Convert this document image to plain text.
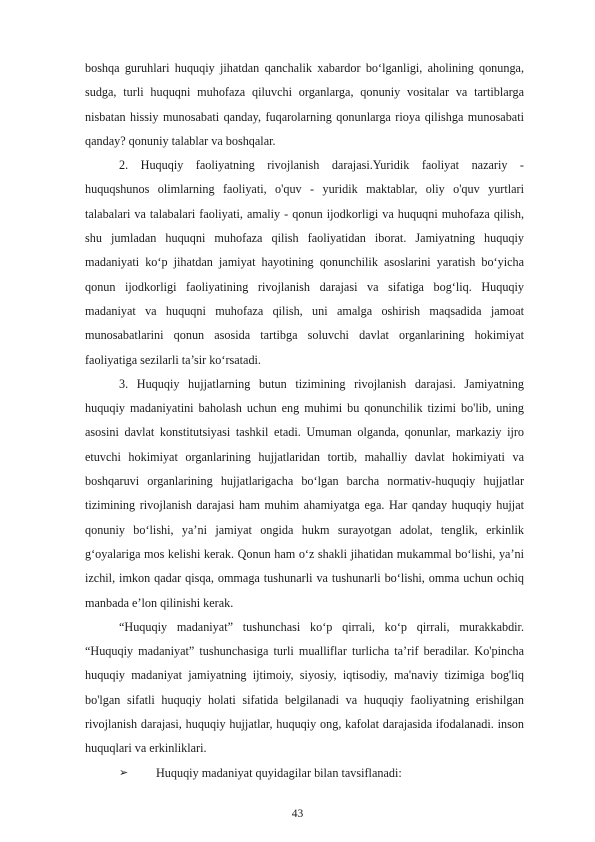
boshqa guruhlari huquqiy jihatdan qanchalik xabardor bo‘lganligi, aholining qonunga, sudga, turli huquqni muhofaza qiluvchi organlarga, qonuniy vositalar va tartiblarga nisbatan hissiy munosabati qanday, fuqarolarning qonunlarga rioya qilishga munosabati qanday? qonuniy talablar va boshqalar.

2. Huquqiy faoliyatning rivojlanish darajasi.Yuridik faoliyat nazariy - huquqshunos olimlarning faoliyati, o'quv - yuridik maktablar, oliy o'quv yurtlari talabalari va talabalari faoliyati, amaliy - qonun ijodkorligi va huquqni muhofaza qilish, shu jumladan huquqni muhofaza qilish faoliyatidan iborat. Jamiyatning huquqiy madaniyati ko‘p jihatdan jamiyat hayotining qonunchilik asoslarini yaratish bo‘yicha qonun ijodkorligi faoliyatining rivojlanish darajasi va sifatiga bog‘liq. Huquqiy madaniyat va huquqni muhofaza qilish, uni amalga oshirish maqsadida jamoat munosabatlarini qonun asosida tartibga soluvchi davlat organlarining hokimiyat faoliyatiga sezilarli ta’sir ko‘rsatadi.

3. Huquqiy hujjatlarning butun tizimining rivojlanish darajasi. Jamiyatning huquqiy madaniyatini baholash uchun eng muhimi bu qonunchilik tizimi bo'lib, uning asosini davlat konstitutsiyasi tashkil etadi. Umuman olganda, qonunlar, markaziy ijro etuvchi hokimiyat organlarining hujjatlaridan tortib, mahalliy davlat hokimiyati va boshqaruvi organlarining hujjatlarigacha bo‘lgan barcha normativ-huquqiy hujjatlar tizimining rivojlanish darajasi ham muhim ahamiyatga ega. Har qanday huquqiy hujjat qonuniy bo‘lishi, ya’ni jamiyat ongida hukm surayotgan adolat, tenglik, erkinlik g‘oyalariga mos kelishi kerak. Qonun ham o‘z shakli jihatidan mukammal bo‘lishi, ya’ni izchil, imkon qadar qisqa, ommaga tushunarli va tushunarli bo‘lishi, omma uchun ochiq manbada e’lon qilinishi kerak.

“Huquqiy madaniyat” tushunchasi ko‘p qirrali, ko‘p qirrali, murakkabdir. “Huquqiy madaniyat” tushunchasiga turli mualliflar turlicha ta’rif beradilar. Ko'pincha huquqiy madaniyat jamiyatning ijtimoiy, siyosiy, iqtisodiy, ma'naviy tizimiga bog'liq bo'lgan sifatli huquqiy holati sifatida belgilanadi va huquqiy faoliyatning erishilgan rivojlanish darajasi, huquqiy hujjatlar, huquqiy ong, kafolat darajasida ifodalanadi. inson huquqlari va erkinliklari.

➢ Huquqiy madaniyat quyidagilar bilan tavsiflanadi:
43
